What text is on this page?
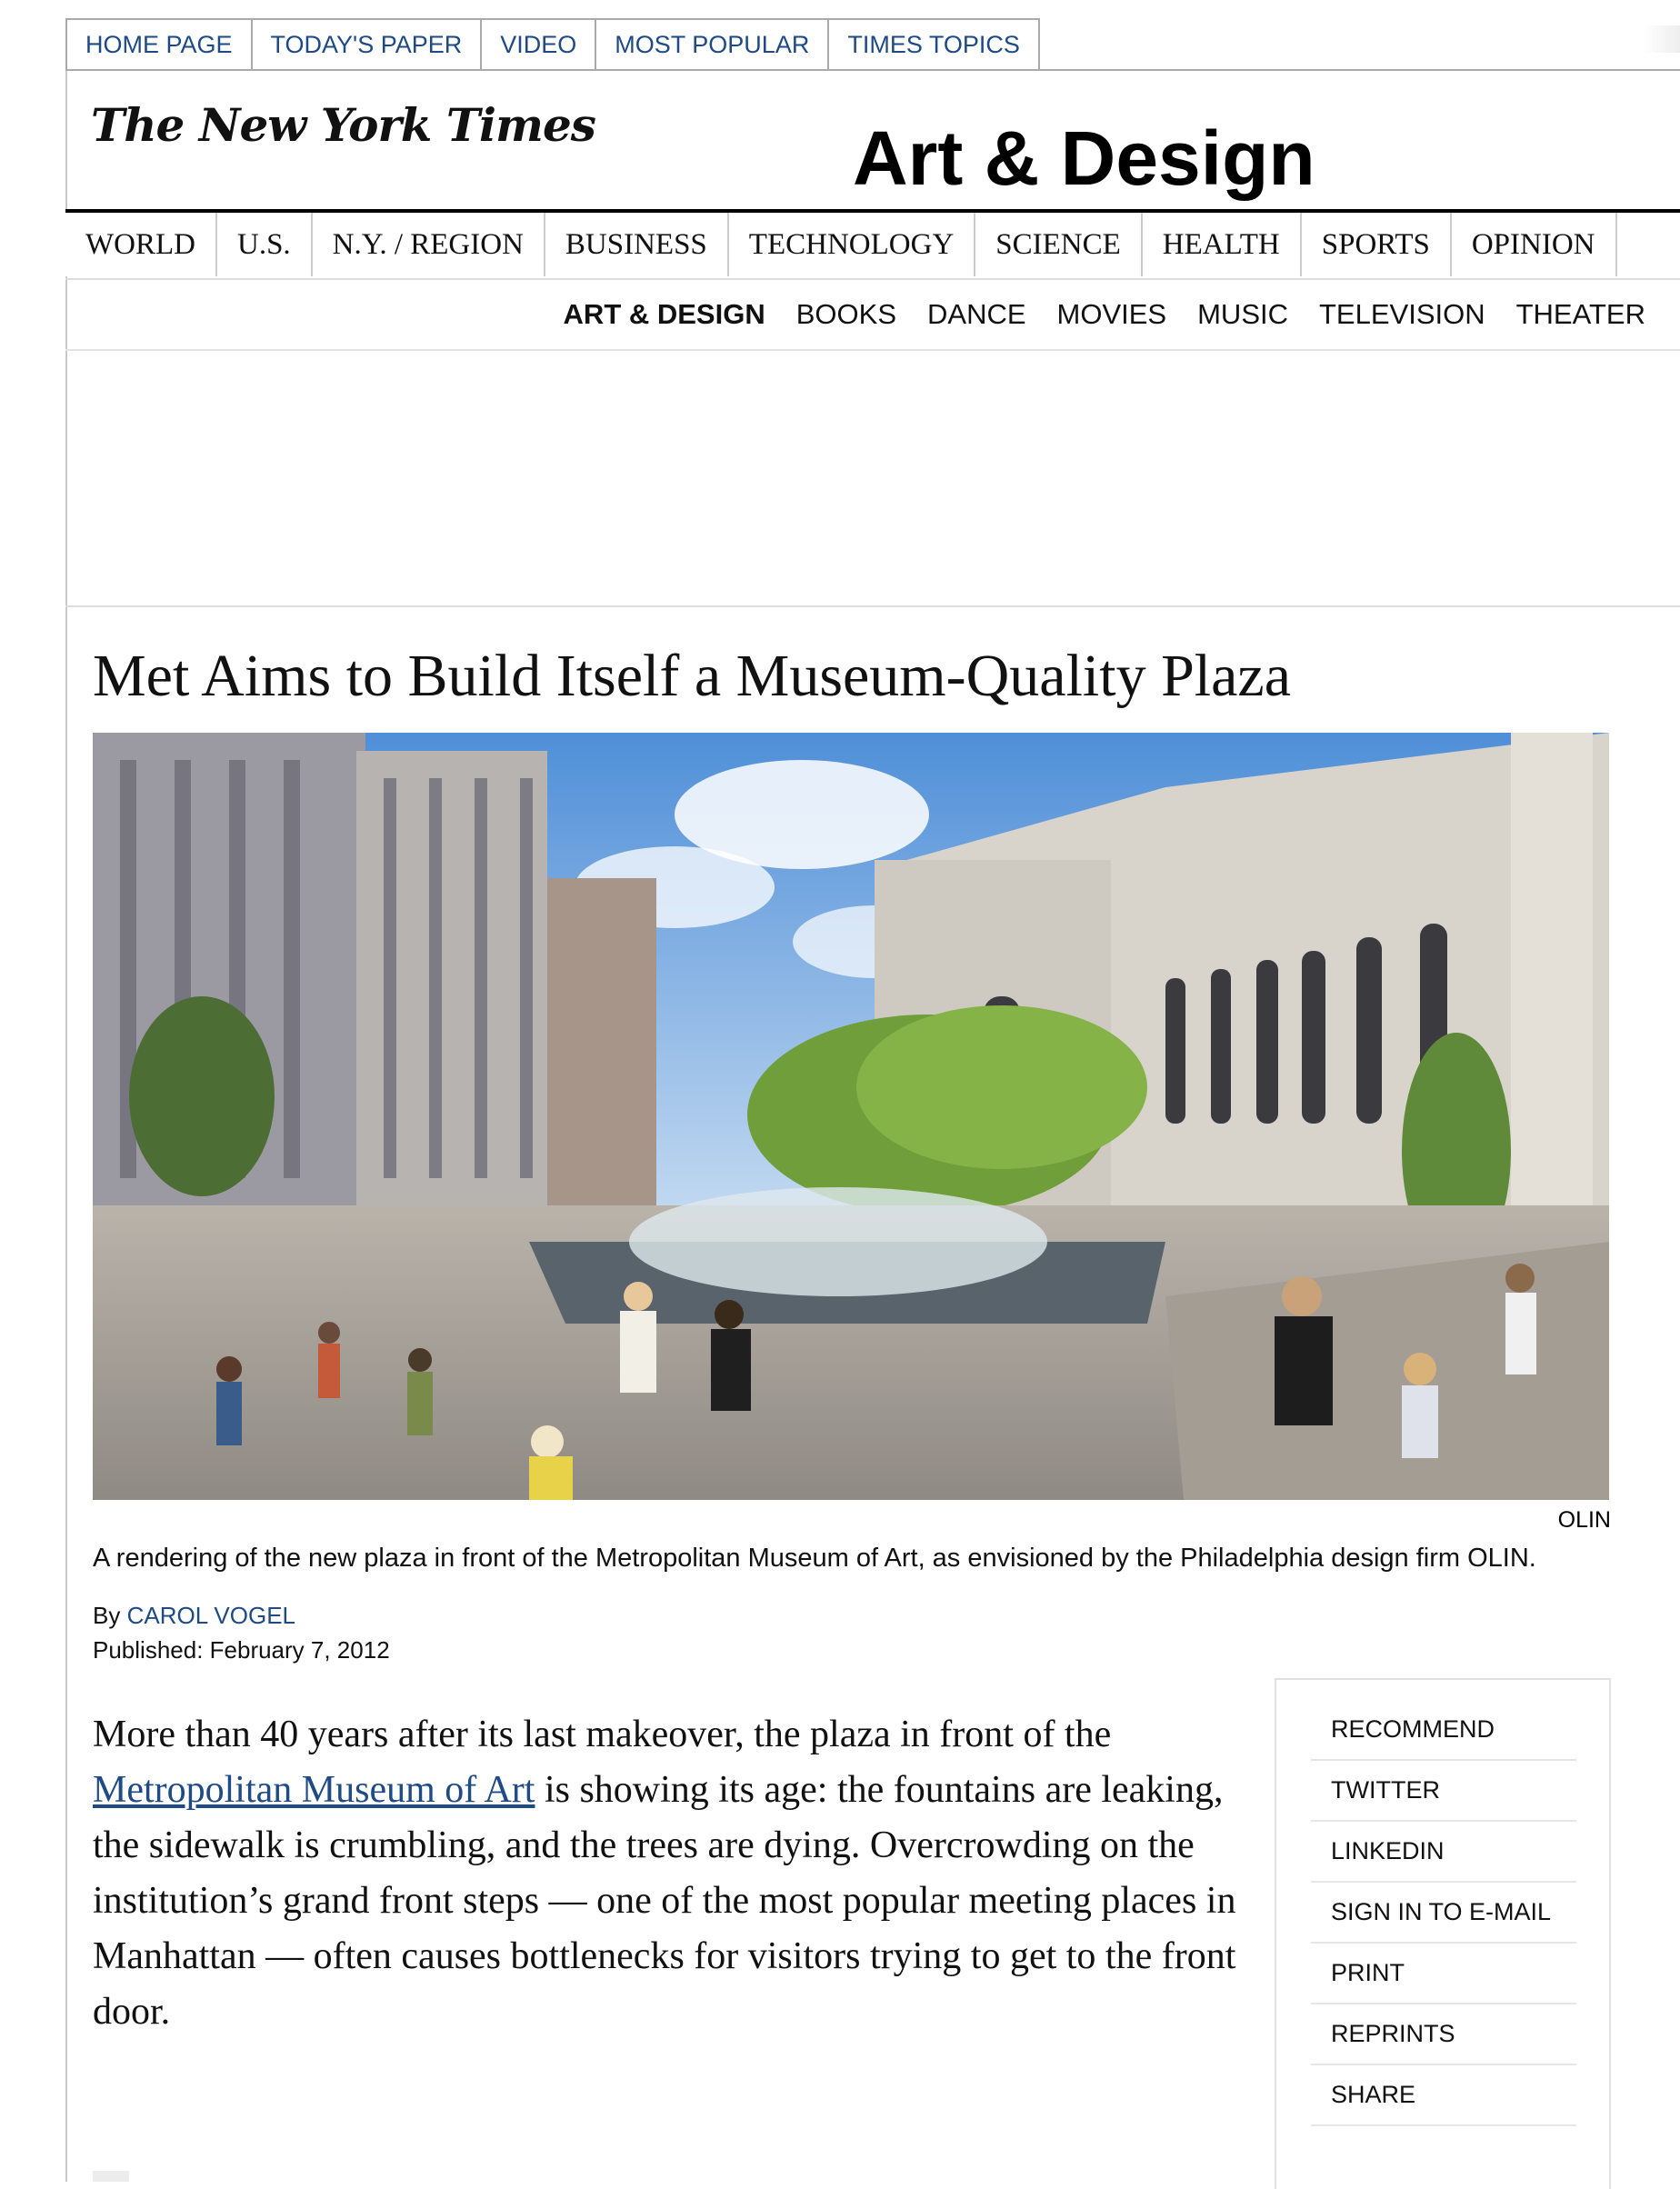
HOME PAGE	TODAY'S PAPER	VIDEO	MOST POPULAR	TIMES TOPICS
The New York Times	Art & Design
WORLD	U.S.	N.Y. / REGION	BUSINESS	TECHNOLOGY	SCIENCE	HEALTH	SPORTS	OPINION
ART & DESIGN BOOKS DANCE MOVIES MUSIC TELEVISION THEATER
Met Aims to Build Itself a Museum-Quality Plaza
OLIN
A rendering of the new plaza in front of the Metropolitan Museum of Art, as envisioned by the Philadelphia design firm OLIN.
By CAROL VOGEL
Published: February 7, 2012

More than 40 years after its last makeover, the plaza in front of the Metropolitan Museum of Art is showing its age: the fountains are leaking, the sidewalk is crumbling, and the trees are dying. Overcrowding on the institution’s grand front steps — one of the most popular meeting places in Manhattan — often causes bottlenecks for visitors trying to get to the front door.

RECOMMEND
TWITTER
LINKEDIN
SIGN IN TO E-MAIL
PRINT
REPRINTS
SHARE
